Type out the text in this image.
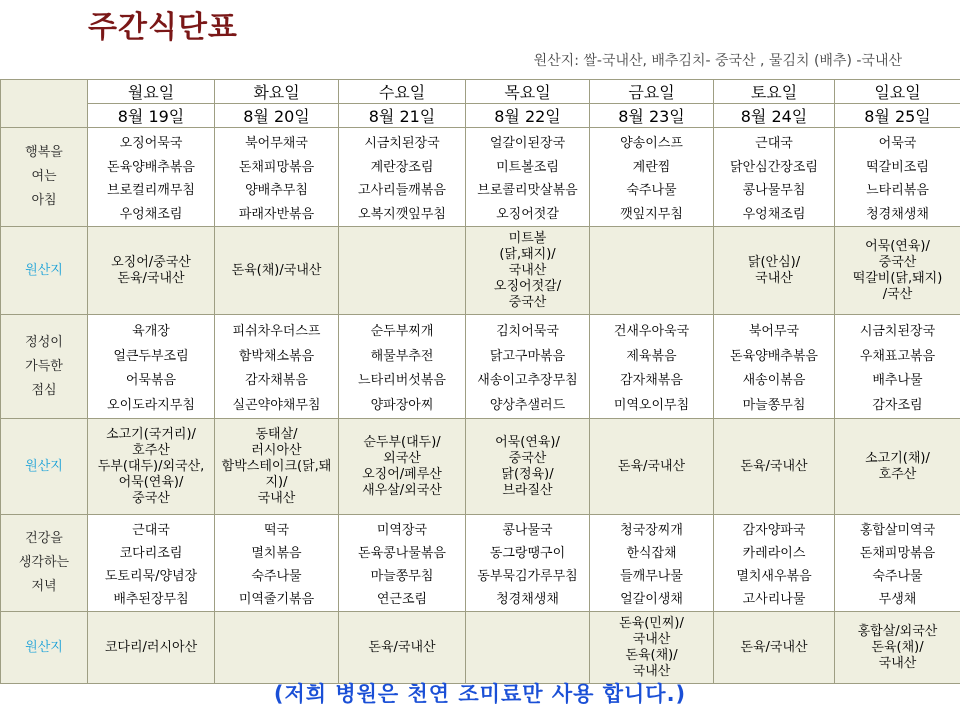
주간식단표
원산지: 쌀-국내산, 배추김치- 중국산 , 물김치 (배추) -국내산
	월요일	화요일	수요일	목요일	금요일	토요일	일요일
	8월 19일	8월 20일	8월 21일	8월 22일	8월 23일	8월 24일	8월 25일
행복을
여는
아침	오징어묵국
돈육양배추볶음
브로컬리깨무침
우엉채조림	북어무채국
돈채피망볶음
양배추무침
파래자반볶음	시금치된장국
계란장조림
고사리들깨볶음
오복지깻잎무침	얼갈이된장국
미트볼조림
브로콜리맛살볶음
오징어젓갈	양송이스프
계란찜
숙주나물
깻잎지무침	근대국
닭안심간장조림
콩나물무침
우엉채조림	어묵국
떡갈비조림
느타리볶음
청경채생채

원산지	오징어/중국산
돈육/국내산	돈육(채)/국내산		미트볼
(닭,돼지)/
국내산
오징어젓갈/
중국산		닭(안심)/
국내산	어묵(연육)/
중국산
떡갈비(닭,돼지)
/국산

정성이
가득한
점심	육개장
얼큰두부조림
어묵볶음
오이도라지무침	피쉬차우더스프
함박채소볶음
감자채볶음
실곤약야채무침	순두부찌개
해물부추전
느타리버섯볶음
양파장아찌	김치어묵국
닭고구마볶음
새송이고추장무침
양상추샐러드	건새우아욱국
제육볶음
감자채볶음
미역오이무침	북어무국
돈육양배추볶음
새송이볶음
마늘쫑무침	시금치된장국
우채표고볶음
배추나물
감자조림

원산지	소고기(국거리)/
호주산
두부(대두)/외국산,
어묵(연육)/
중국산	동태살/
러시아산
함박스테이크(닭,돼지)/
국내산	순두부(대두)/
외국산
오징어/페루산
새우살/외국산	어묵(연육)/
중국산
닭(정육)/
브라질산	돈육/국내산	돈육/국내산	소고기(채)/
호주산

건강을
생각하는
저녁	근대국
코다리조림
도토리묵/양념장
배추된장무침	떡국
멸치볶음
숙주나물
미역줄기볶음	미역장국
돈육콩나물볶음
마늘쫑무침
연근조림	콩나물국
동그랑땡구이
동부묵김가루무침
청경채생채	청국장찌개
한식잡채
들깨무나물
얼갈이생채	감자양파국
카레라이스
멸치새우볶음
고사리나물	홍합살미역국
돈채피망볶음
숙주나물
무생채

원산지	코다리/러시아산		돈육/국내산		돈육(민찌)/
국내산
돈육(채)/
국내산	돈육/국내산	홍합살/외국산
돈육(채)/
국내산
(저희 병원은 천연 조미료만 사용 합니다.)
